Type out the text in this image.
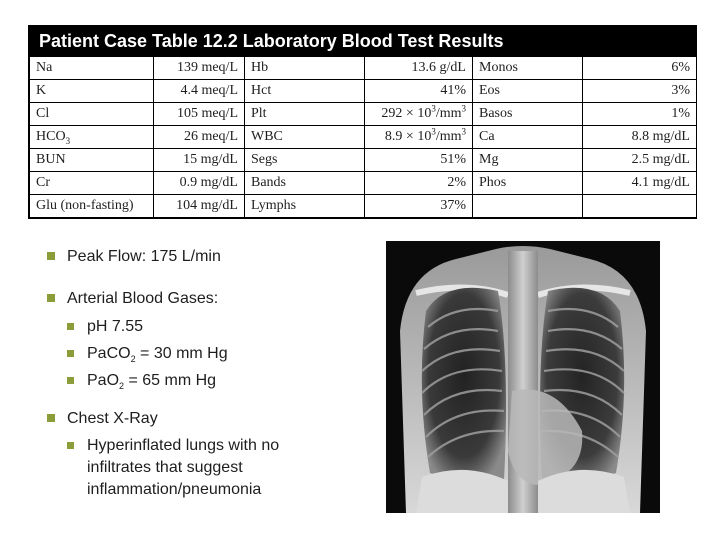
Patient Case Table 12.2 Laboratory Blood Test Results
Na	139 meq/L	Hb	13.6 g/dL	Monos	6%
K	4.4 meq/L	Hct	41%	Eos	3%
Cl	105 meq/L	Plt	$292 \times 10^3/mm^3$	Basos	1%
$HCO_3$	26 meq/L	WBC	$8.9 \times 10^3/mm^3$	Ca	8.8 mg/dL
BUN	15 mg/dL	Segs	51%	Mg	2.5 mg/dL
Cr	0.9 mg/dL	Bands	2%	Phos	4.1 mg/dL
Glu (non-fasting)	104 mg/dL	Lymphs	37%		
Peak Flow: 175 L/min
Arterial Blood Gases:
pH 7.55
PaCO$_2$ = 30 mm Hg
PaO$_2$ = 65 mm Hg
Chest X-Ray
Hyperinflated lungs with no infiltrates that suggest inflammation/pneumonia
